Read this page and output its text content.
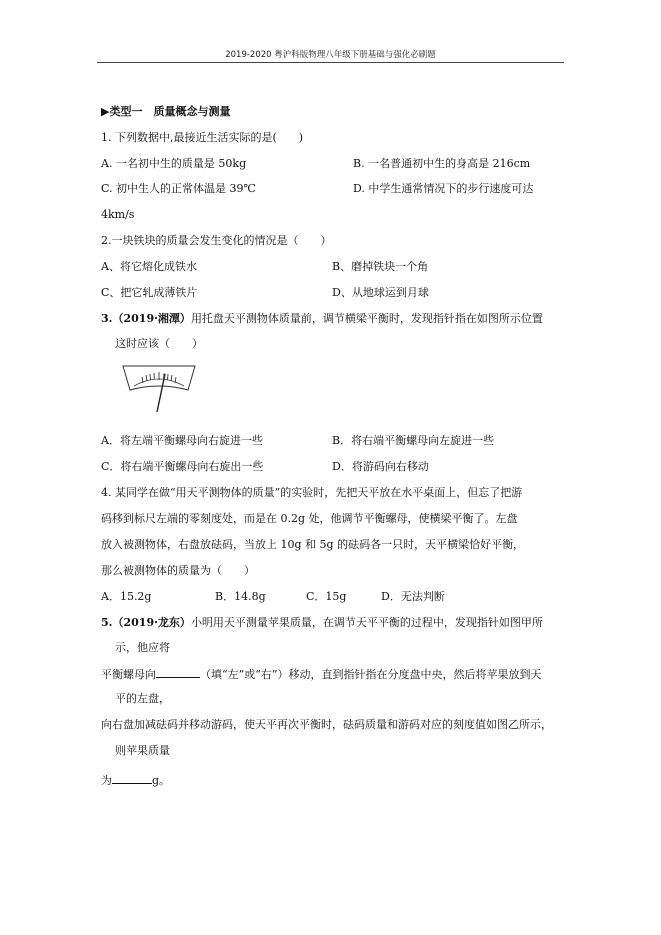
2019-2020 粤沪科版物理八年级下册基础与强化必刷题
▶类型一　质量概念与测量
1. 下列数据中,最接近生活实际的是(　　)
A. 一名初中生的质量是 50kg	B. 一名普通初中生的身高是 216cm
C. 初中生人的正常体温是 39℃	D. 中学生通常情况下的步行速度可达
4km/s
2.一块铁块的质量会发生变化的情况是（　　）
A、将它熔化成铁水	B、磨掉铁块一个角
C、把它轧成薄铁片	D、从地球运到月球
3.（2019·湘潭）用托盘天平测物体质量前，调节横梁平衡时，发现指针指在如图所示位置
这时应该（　　）
A．将左端平衡螺母向右旋进一些	B．将右端平衡螺母向左旋进一些
C．将右端平衡螺母向右旋出一些	D．将游码向右移动
4. 某同学在做“用天平测物体的质量”的实验时，先把天平放在水平桌面上，但忘了把游
码移到标尺左端的零刻度处，而是在 0.2g 处，他调节平衡螺母，使横梁平衡了。左盘
放入被测物体，右盘放砝码，当放上 10g 和 5g 的砝码各一只时，天平横梁恰好平衡，
那么被测物体的质量为（　　）
A．15.2g	B．14.8g	C．15g	D．无法判断
5.（2019·龙东）小明用天平测量苹果质量，在调节天平平衡的过程中，发现指针如图甲所
示，他应将
平衡螺母向	（填“左”或“右”）移动，直到指针指在分度盘中央，然后将苹果放到天
平的左盘，
向右盘加减砝码并移动游码，使天平再次平衡时，砝码质量和游码对应的刻度值如图乙所示，
则苹果质量
为	g。
